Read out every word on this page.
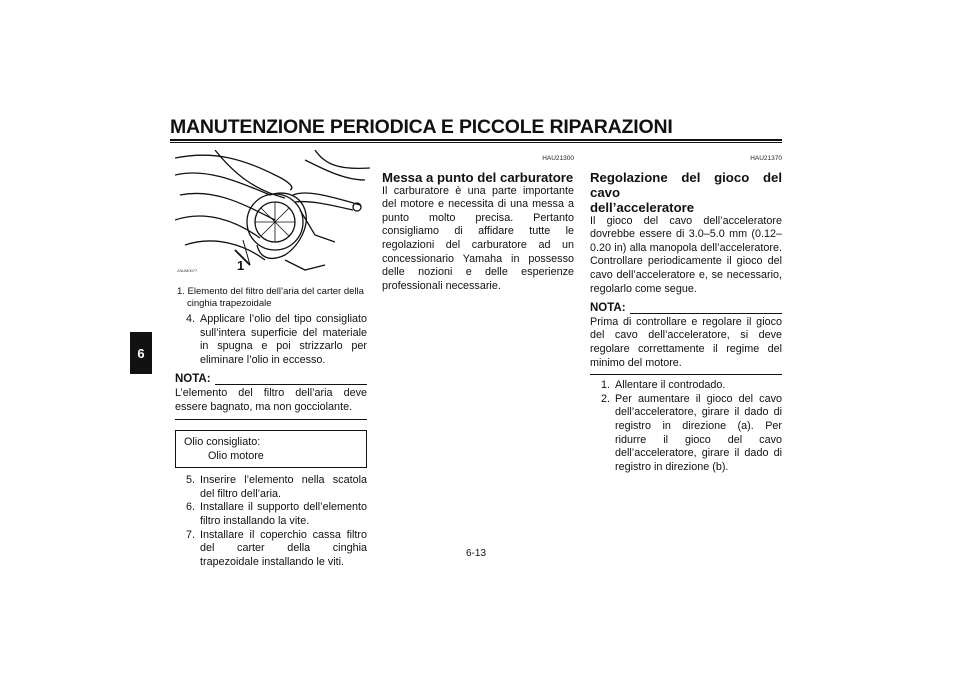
MANUTENZIONE PERIODICA E PICCOLE RIPARAZIONI
6
ZAUM0077	1
1. Elemento del filtro dell’aria del carter della
cinghia trapezoidale
4. Applicare l’olio del tipo consigliato sull’intera superficie del materiale in spugna e poi strizzarlo per eliminare l’olio in eccesso.
NOTA:
L’elemento del filtro dell’aria deve essere bagnato, ma non gocciolante.
Olio consigliato:
Olio motore
5. Inserire l’elemento nella scatola del filtro dell’aria.
6. Installare il supporto dell’elemento filtro installando la vite.
7. Installare il coperchio cassa filtro del carter della cinghia trapezoidale installando le viti.
HAU21300
Messa a punto del carburatore
Il carburatore è una parte importante del motore e necessita di una messa a punto molto precisa. Pertanto consigliamo di affidare tutte le regolazioni del carburatore ad un concessionario Yamaha in possesso delle nozioni e delle esperienze professionali necessarie.
HAU21370
Regolazione del gioco del cavo
dell’acceleratore
Il gioco del cavo dell’acceleratore dovrebbe essere di 3.0–5.0 mm (0.12–0.20 in) alla manopola dell’acceleratore. Controllare periodicamente il gioco del cavo dell’acceleratore e, se necessario, regolarlo come segue.
NOTA:
Prima di controllare e regolare il gioco del cavo dell’acceleratore, si deve regolare correttamente il regime del minimo del motore.
1. Allentare il controdado.
2. Per aumentare il gioco del cavo dell’acceleratore, girare il dado di registro in direzione (a). Per ridurre il gioco del cavo dell’acceleratore, girare il dado di registro in direzione (b).
6-13
